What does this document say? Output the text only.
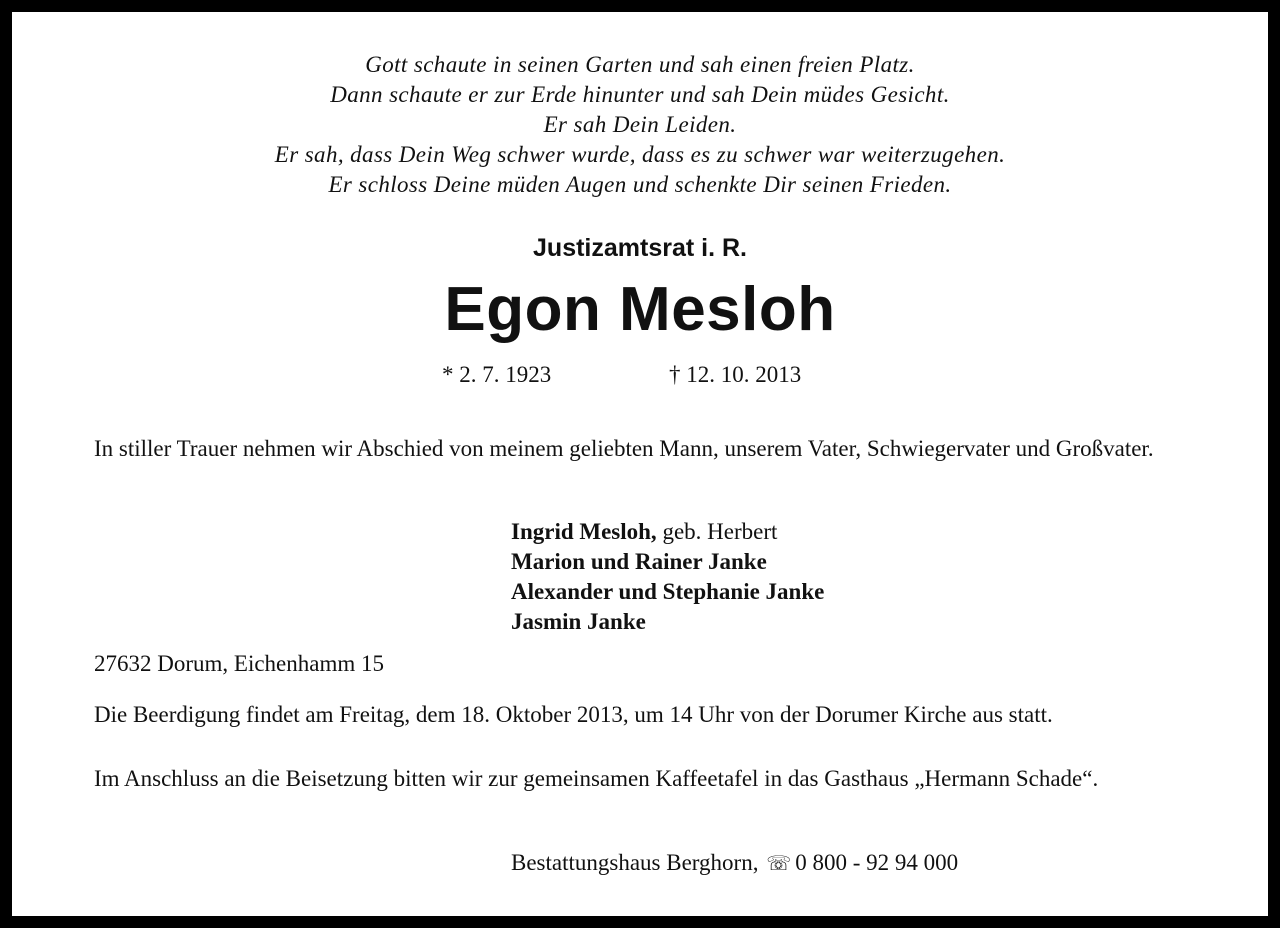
Gott schaute in seinen Garten und sah einen freien Platz.
Dann schaute er zur Erde hinunter und sah Dein müdes Gesicht.
Er sah Dein Leiden.
Er sah, dass Dein Weg schwer wurde, dass es zu schwer war weiterzugehen.
Er schloss Deine müden Augen und schenkte Dir seinen Frieden.
Justizamtsrat i. R.
Egon Mesloh
* 2. 7. 1923	† 12. 10. 2013
In stiller Trauer nehmen wir Abschied von meinem geliebten Mann, unserem Vater, Schwiegervater und Großvater.
Ingrid Mesloh, geb. Herbert
Marion und Rainer Janke
Alexander und Stephanie Janke
Jasmin Janke
27632 Dorum, Eichenhamm 15
Die Beerdigung findet am Freitag, dem 18. Oktober 2013, um 14 Uhr von der Dorumer Kirche aus statt.
Im Anschluss an die Beisetzung bitten wir zur gemeinsamen Kaffeetafel in das Gasthaus „Hermann Schade“.
Bestattungshaus Berghorn, ☏ 0 800 - 92 94 000
